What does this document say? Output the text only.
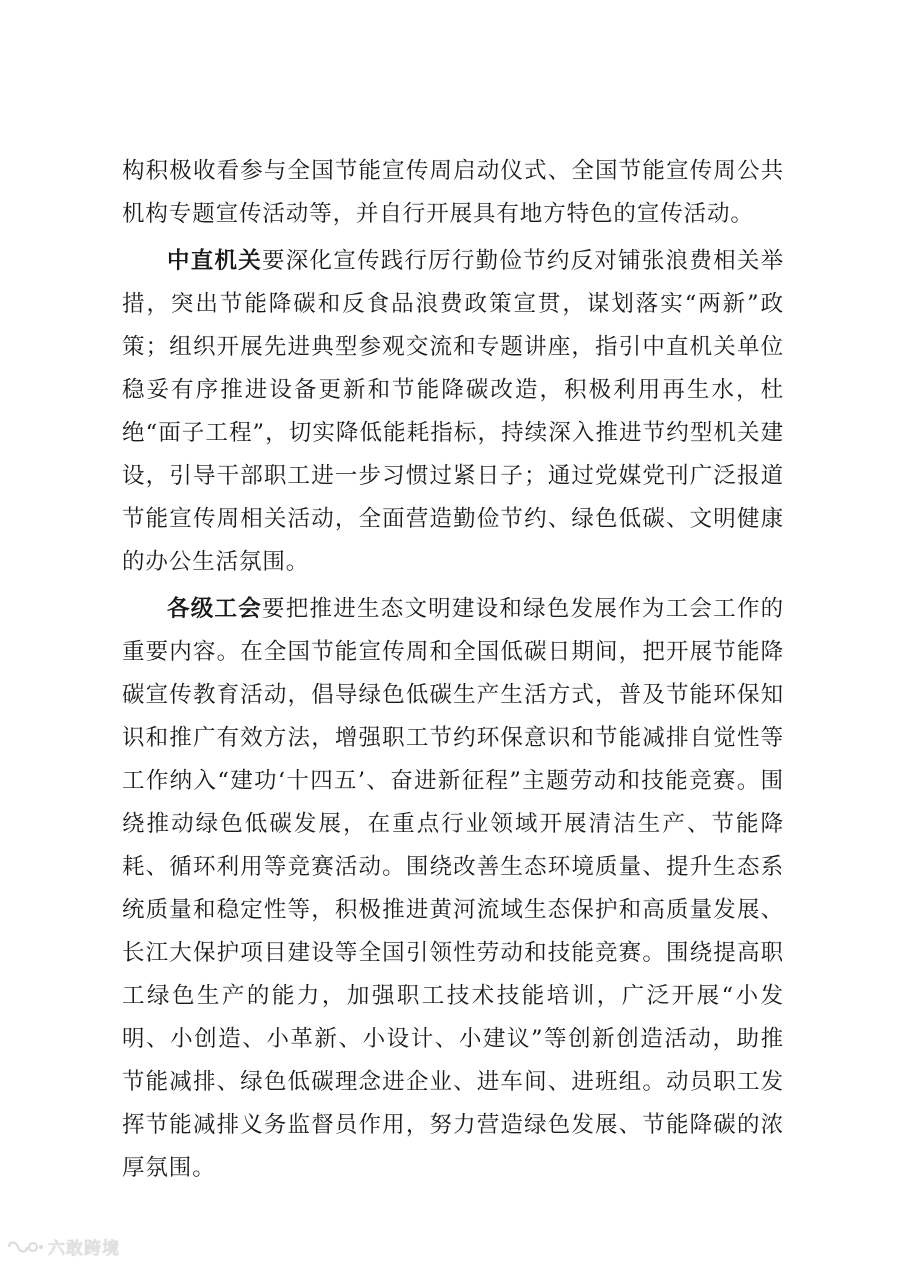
构积极收看参与全国节能宣传周启动仪式、全国节能宣传周公共机构专题宣传活动等，并自行开展具有地方特色的宣传活动。

中直机关要深化宣传践行厉行勤俭节约反对铺张浪费相关举措，突出节能降碳和反食品浪费政策宣贯，谋划落实“两新”政策；组织开展先进典型参观交流和专题讲座，指引中直机关单位稳妥有序推进设备更新和节能降碳改造，积极利用再生水，杜绝“面子工程”，切实降低能耗指标，持续深入推进节约型机关建设，引导干部职工进一步习惯过紧日子；通过党媒党刊广泛报道节能宣传周相关活动，全面营造勤俭节约、绿色低碳、文明健康的办公生活氛围。

各级工会要把推进生态文明建设和绿色发展作为工会工作的重要内容。在全国节能宣传周和全国低碳日期间，把开展节能降碳宣传教育活动，倡导绿色低碳生产生活方式，普及节能环保知识和推广有效方法，增强职工节约环保意识和节能减排自觉性等工作纳入“建功‘十四五’、奋进新征程”主题劳动和技能竞赛。围绕推动绿色低碳发展，在重点行业领域开展清洁生产、节能降耗、循环利用等竞赛活动。围绕改善生态环境质量、提升生态系统质量和稳定性等，积极推进黄河流域生态保护和高质量发展、长江大保护项目建设等全国引领性劳动和技能竞赛。围绕提高职工绿色生产的能力，加强职工技术技能培训，广泛开展“小发明、小创造、小革新、小设计、小建议”等创新创造活动，助推节能减排、绿色低碳理念进企业、进车间、进班组。动员职工发挥节能减排义务监督员作用，努力营造绿色发展、节能降碳的浓厚氛围。

六敢跨境
